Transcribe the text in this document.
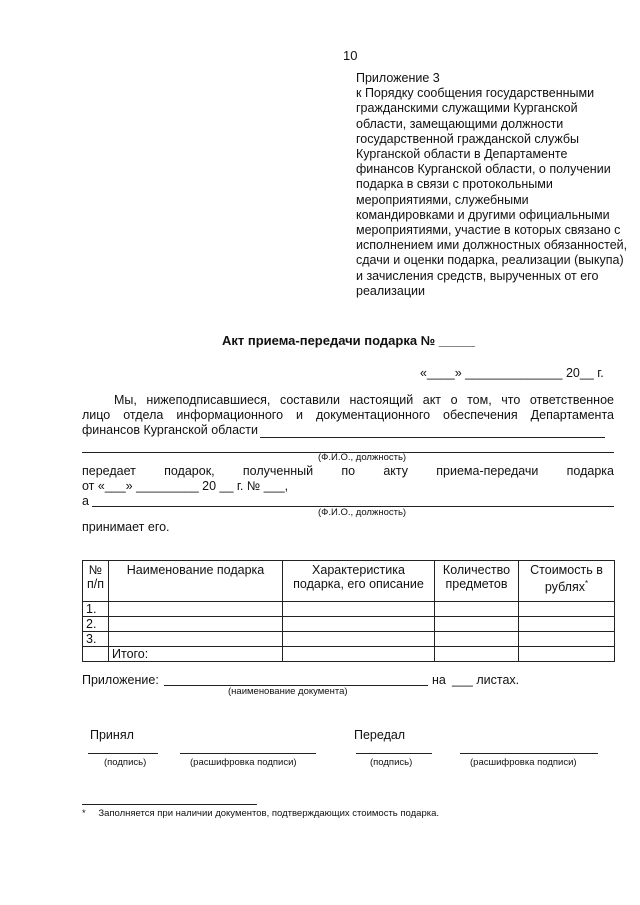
10
Приложение 3
к Порядку сообщения государственными гражданскими служащими Курганской области, замещающими должности государственной гражданской службы Курганской области в Департаменте финансов Курганской области, о получении подарка в связи с протокольными мероприятиями, служебными командировками и другими официальными мероприятиями, участие в которых связано с исполнением ими должностных обязанностей, сдачи и оценки подарка, реализации (выкупа) и зачисления средств, вырученных от его реализации
Акт приема-передачи подарка № _____
«____» ______________ 20__ г.
Мы, нижеподписавшиеся, составили настоящий акт о том, что ответственное
лицо отдела информационного и документационного обеспечения Департамента
финансов Курганской области
(Ф.И.О., должность)
передает подарок, полученный по акту приема-передачи подарка
от «___» _________ 20 __ г. № ___,
а
(Ф.И.О., должность)
принимает его.
№ п/п	Наименование подарка	Характеристика подарка, его описание	Количество предметов	Стоимость в рублях*
1.				
2.				
3.				
	Итого:			
Приложение:	на ___ листах.
(наименование документа)
Принял
(подпись)	(расшифровка подписи)
Передал
(подпись)	(расшифровка подписи)
* Заполняется при наличии документов, подтверждающих стоимость подарка.
